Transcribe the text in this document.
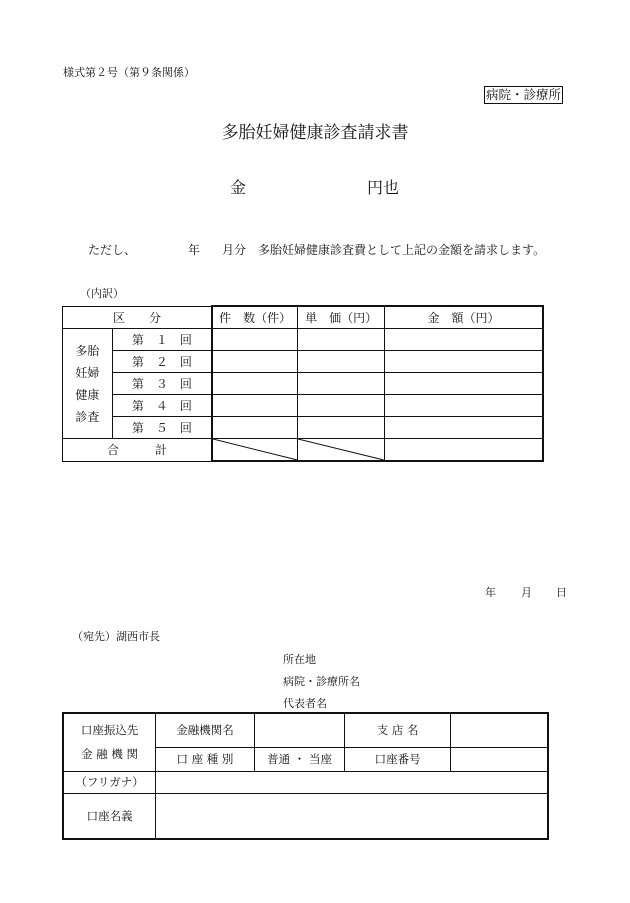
様式第２号（第９条関係）
病院・診療所
多胎妊婦健康診査請求書
金	円也
ただし、	年 月分 多胎妊婦健康診査費として上記の金額を請求します。
（内訳）
区　　分		件　数（件）	単　価（円）	金　額（円）

多胎
妊婦
健康
診査	第　１　回			
	第　２　回			
	第　３　回			
	第　４　回			
	第　５　回			
合　　　計	

年 月 日
（宛先）湖西市長
所在地
病院・診療所名
代表者名
口座振込先
金 融 機 関	金融機関名		支 店 名	
	口 座 種 別	普通 ・ 当座	口座番号	
（フリガナ）				
口座名義				
